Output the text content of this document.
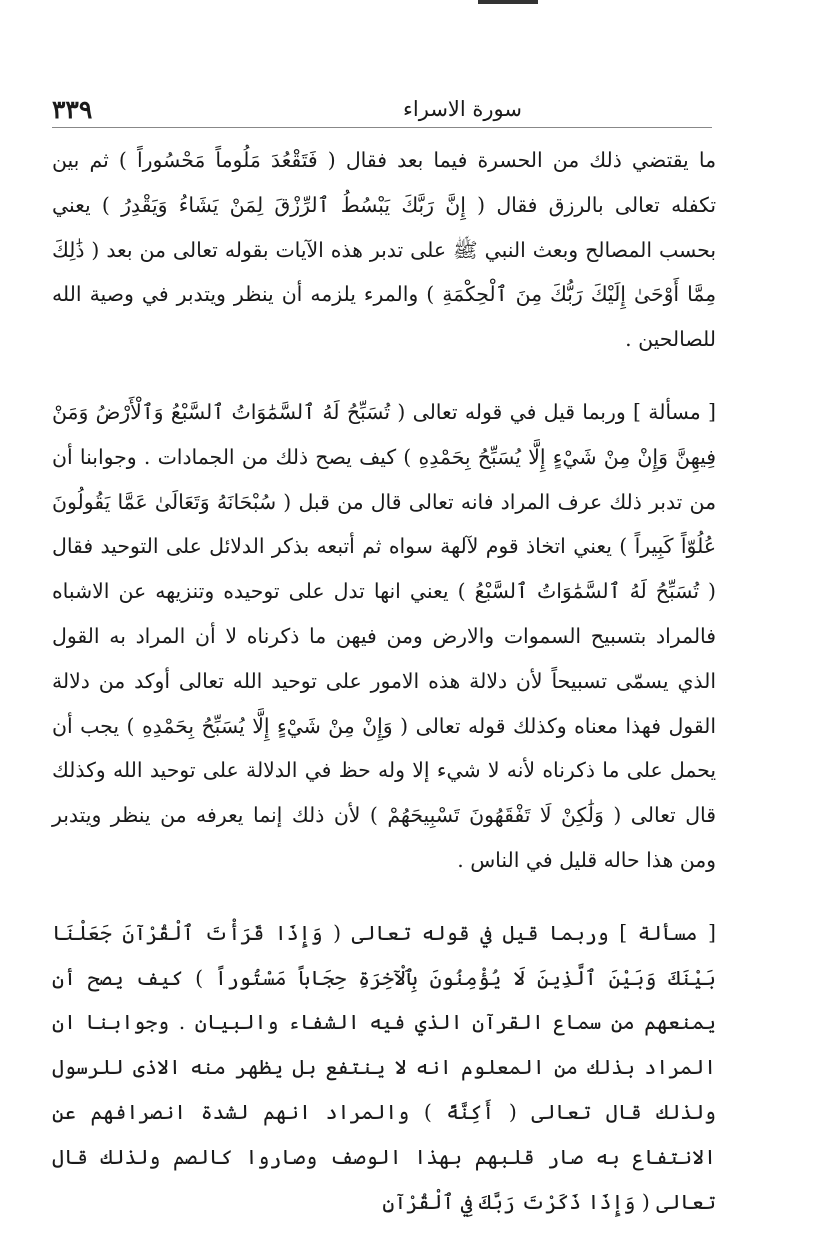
٣٣٩	سورة الاسراء

ما يقتضي ذلك من الحسرة فيما بعد فقال ( فَتَقْعُدَ مَلُوماً مَحْسُوراً ) ثم بين تكفله تعالى بالرزق فقال ( إِنَّ رَبَّكَ يَبْسُطُ ٱلرِّزْقَ لِمَنْ يَشَاءُ وَيَقْدِرُ ) يعني بحسب المصالح وبعث النبي ﷺ على تدبر هذه الآيات بقوله تعالى من بعد ( ذَٰلِكَ مِمَّا أَوْحَىٰ إِلَيْكَ رَبُّكَ مِنَ ٱلْحِكْمَةِ ) والمرء يلزمه أن ينظر ويتدبر في وصية الله للصالحين .

[ مسألة ] وربما قيل في قوله تعالى ( تُسَبِّحُ لَهُ ٱلسَّمَٰوَاتُ ٱلسَّبْعُ وَٱلْأَرْضُ وَمَنْ فِيهِنَّ وَإِنْ مِنْ شَيْءٍ إِلَّا يُسَبِّحُ بِحَمْدِهِ ) كيف يصح ذلك من الجمادات . وجوابنا أن من تدبر ذلك عرف المراد فانه تعالى قال من قبل ( سُبْحَانَهُ وَتَعَالَىٰ عَمَّا يَقُولُونَ عُلُوّاً كَبِيراً ) يعني اتخاذ قوم لآلهة سواه ثم أتبعه بذكر الدلائل على التوحيد فقال ( تُسَبِّحُ لَهُ ٱلسَّمَٰوَاتُ ٱلسَّبْعُ ) يعني انها تدل على توحيده وتنزيهه عن الاشباه فالمراد بتسبيح السموات والارض ومن فيهن ما ذكرناه لا أن المراد به القول الذي يسمّى تسبيحاً لأن دلالة هذه الامور على توحيد الله تعالى أوكد من دلالة القول فهذا معناه وكذلك قوله تعالى ( وَإِنْ مِنْ شَيْءٍ إِلَّا يُسَبِّحُ بِحَمْدِهِ ) يجب أن يحمل على ما ذكرناه لأنه لا شيء إلا وله حظ في الدلالة على توحيد الله وكذلك قال تعالى ( وَلَٰكِنْ لَا تَفْقَهُونَ تَسْبِيحَهُمْ ) لأن ذلك إنما يعرفه من ينظر ويتدبر ومن هذا حاله قليل في الناس .

[ مسألة ] وربما قيل في قوله تعالى ( وَإِذَا قَرَأْتَ ٱلْقُرْآنَ جَعَلْنَا بَيْنَكَ وَبَيْنَ ٱلَّذِينَ لَا يُؤْمِنُونَ بِٱلْآخِرَةِ حِجَاباً مَسْتُوراً ) كيف يصح أن يمنعهم من سماع القرآن الذي فيه الشفاء والبيان . وجوابنا ان المراد بذلك من المعلوم انه لا ينتفع بل يظهر منه الاذى للرسول ولذلك قال تعالى ( أَكِنَّةً ) والمراد انهم لشدة انصرافهم عن الانتفاع به صار قلبهم بهذا الوصف وصاروا كالصم ولذلك قال تعالى ( وَإِذَا ذَكَرْتَ رَبَّكَ فِي ٱلْقُرْآنِ
